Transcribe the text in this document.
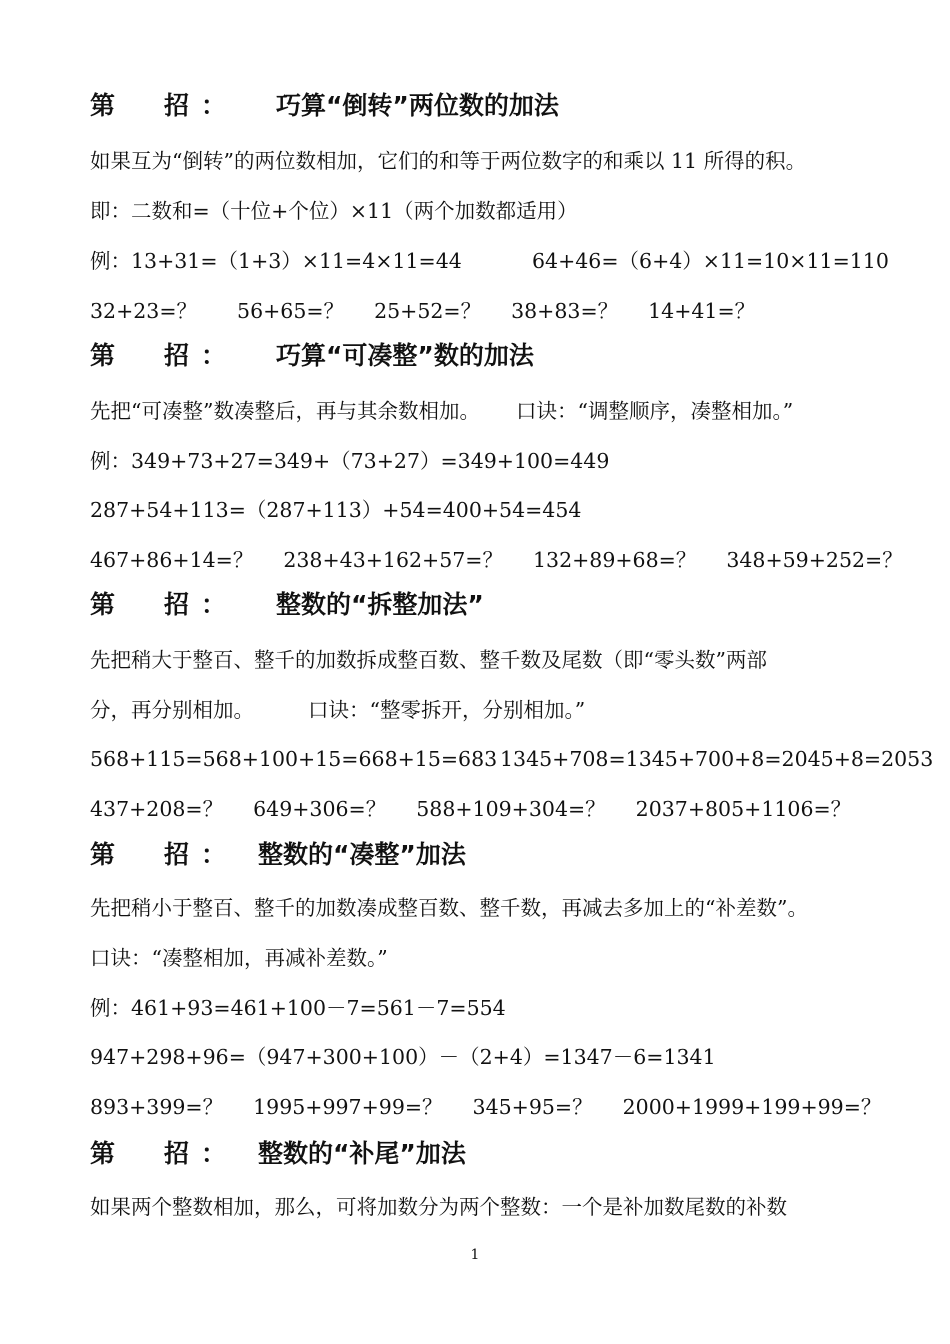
第　招： 巧算“倒转”两位数的加法
如果互为“倒转”的两位数相加，它们的和等于两位数字的和乘以 11 所得的积。
即：二数和=（十位+个位）×11（两个加数都适用）
例：13+31=（1+3）×11=4×11=44	64+46=（6+4）×11=10×11=110
32+23=？ 56+65=？ 25+52=？ 38+83=？ 14+41=？
第　招： 巧算“可凑整”数的加法
先把“可凑整”数凑整后，再与其余数相加。 口诀：“调整顺序，凑整相加。”
例：349+73+27=349+（73+27）=349+100=449
287+54+113=（287+113）+54=400+54=454
467+86+14=？ 238+43+162+57=？ 132+89+68=？ 348+59+252=？
第　招： 整数的“拆整加法”
先把稍大于整百、整千的加数拆成整百数、整千数及尾数（即“零头数”两部
分，再分别相加。	口诀：“整零拆开，分别相加。”
568+115=568+100+15=668+15=683 1345+708=1345+700+8=2045+8=2053
437+208=？ 649+306=？ 588+109+304=？ 2037+805+1106=？
第　招： 整数的“凑整”加法
先把稍小于整百、整千的加数凑成整百数、整千数，再减去多加上的“补差数”。
口诀：“凑整相加，再减补差数。”
例：461+93=461+100－7=561－7=554
947+298+96=（947+300+100）－（2+4）=1347－6=1341
893+399=？ 1995+997+99=？ 345+95=？ 2000+1999+199+99=？
第　招： 整数的“补尾”加法
如果两个整数相加，那么，可将加数分为两个整数：一个是补加数尾数的补数
1
